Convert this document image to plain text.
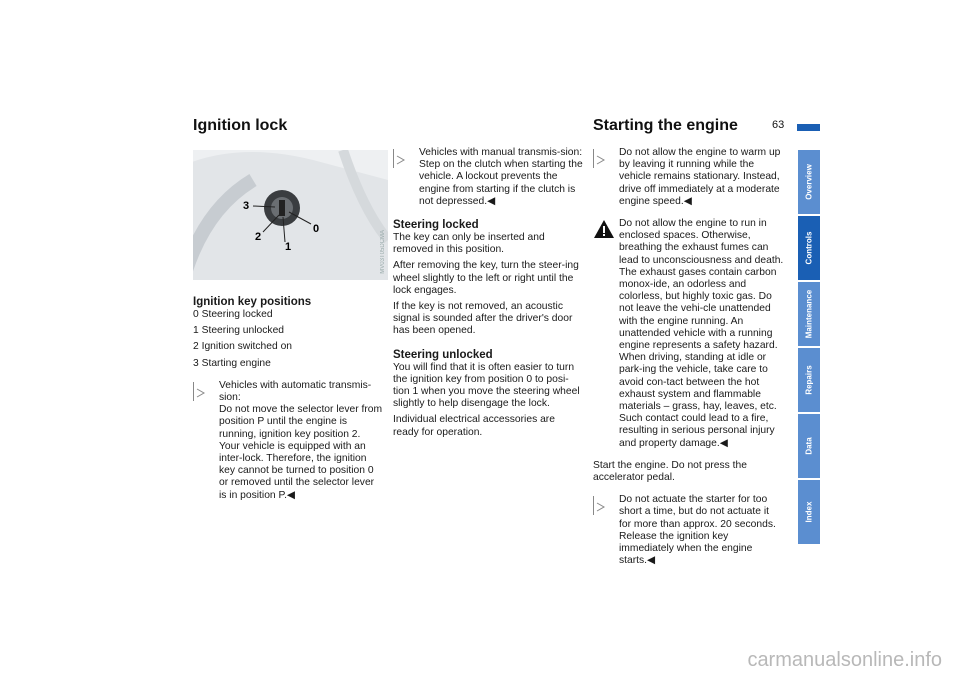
Ignition lock	Starting the engine	63
3
2
1
0
MV03T05DCMA

Ignition key positions

0 Steering locked
1 Steering unlocked
2 Ignition switched on
3 Starting engine
Vehicles with automatic transmis-sion:

Do not move the selector lever from position P until the engine is running, ignition key position 2.

Your vehicle is equipped with an inter-lock. Therefore, the ignition key cannot be turned to position 0 or removed until the selector lever is in position P.◀

Vehicles with manual transmis-sion:

Step on the clutch when starting the vehicle. A lockout prevents the engine from starting if the clutch is not depressed.◀

Steering locked

The key can only be inserted and removed in this position.

After removing the key, turn the steer-ing wheel slightly to the left or right until the lock engages.

If the key is not removed, an acoustic signal is sounded after the driver's door has been opened.

Steering unlocked

You will find that it is often easier to turn the ignition key from position 0 to posi-tion 1 when you move the steering wheel slightly to help disengage the lock.

Individual electrical accessories are ready for operation.

Do not allow the engine to warm up by leaving it running while the

vehicle remains stationary. Instead, drive off immediately at a moderate engine speed.◀

Do not allow the engine to run in enclosed spaces. Otherwise,

breathing the exhaust fumes can lead to unconsciousness and death. The exhaust gases contain carbon monox-ide, an odorless and colorless, but highly toxic gas. Do not leave the vehi-cle unattended with the engine running. An unattended vehicle with a running engine represents a safety hazard. When driving, standing at idle or park-ing the vehicle, take care to avoid con-tact between the hot exhaust system and flammable materials – grass, hay, leaves, etc. Such contact could lead to a fire, resulting in serious personal injury and property damage.◀

Start the engine. Do not press the accelerator pedal.

Do not actuate the starter for too short a time, but do not actuate it

for more than approx. 20 seconds. Release the ignition key immediately when the engine starts.◀

Overview
Controls
Maintenance
Repairs
Data
Index
carmanualsonline.info
